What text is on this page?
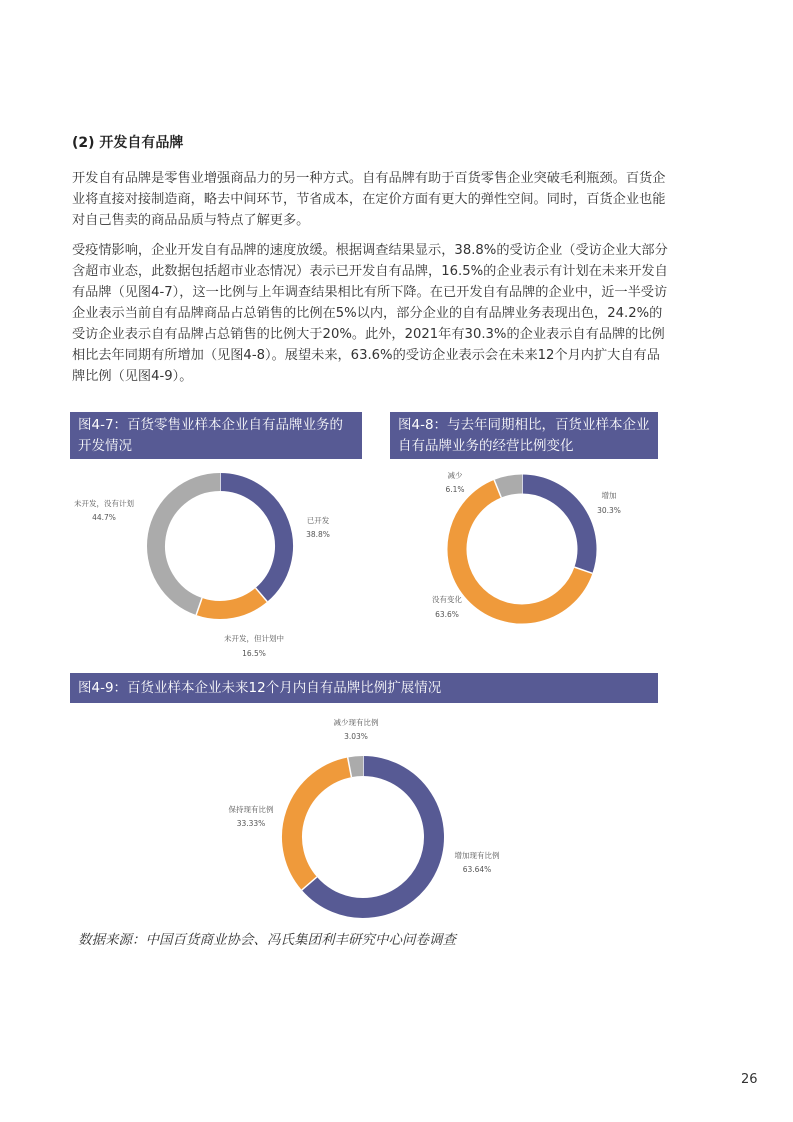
(2) 开发自有品牌

开发自有品牌是零售业增强商品力的另一种方式。自有品牌有助于百货零售企业突破毛利瓶颈。百货企业将直接对接制造商，略去中间环节，节省成本，在定价方面有更大的弹性空间。同时，百货企业也能对自己售卖的商品品质与特点了解更多。

受疫情影响，企业开发自有品牌的速度放缓。根据调查结果显示，38.8%的受访企业（受访企业大部分含超市业态，此数据包括超市业态情况）表示已开发自有品牌，16.5%的企业表示有计划在未来开发自有品牌（见图4-7），这一比例与上年调查结果相比有所下降。在已开发自有品牌的企业中，近一半受访企业表示当前自有品牌商品占总销售的比例在5%以内，部分企业的自有品牌业务表现出色，24.2%的受访企业表示自有品牌占总销售的比例大于20%。此外，2021年有30.3%的企业表示自有品牌的比例相比去年同期有所增加（见图4-8）。展望未来，63.6%的受访企业表示会在未来12个月内扩大自有品牌比例（见图4-9）。

图4-7：百货零售业样本企业自有品牌业务的开发情况
图4-8：与去年同期相比，百货业样本企业自有品牌业务的经营比例变化
图4-9：百货业样本企业未来12个月内自有品牌比例扩展情况
已开发
38.8%
未开发，但计划中
16.5%
未开发，没有计划
44.7%
增加
30.3%
没有变化
63.6%
减少
6.1%
增加现有比例
63.64%
保持现有比例
33.33%
减少现有比例
3.03%
数据来源：中国百货商业协会、冯氏集团利丰研究中心问卷调查
26
